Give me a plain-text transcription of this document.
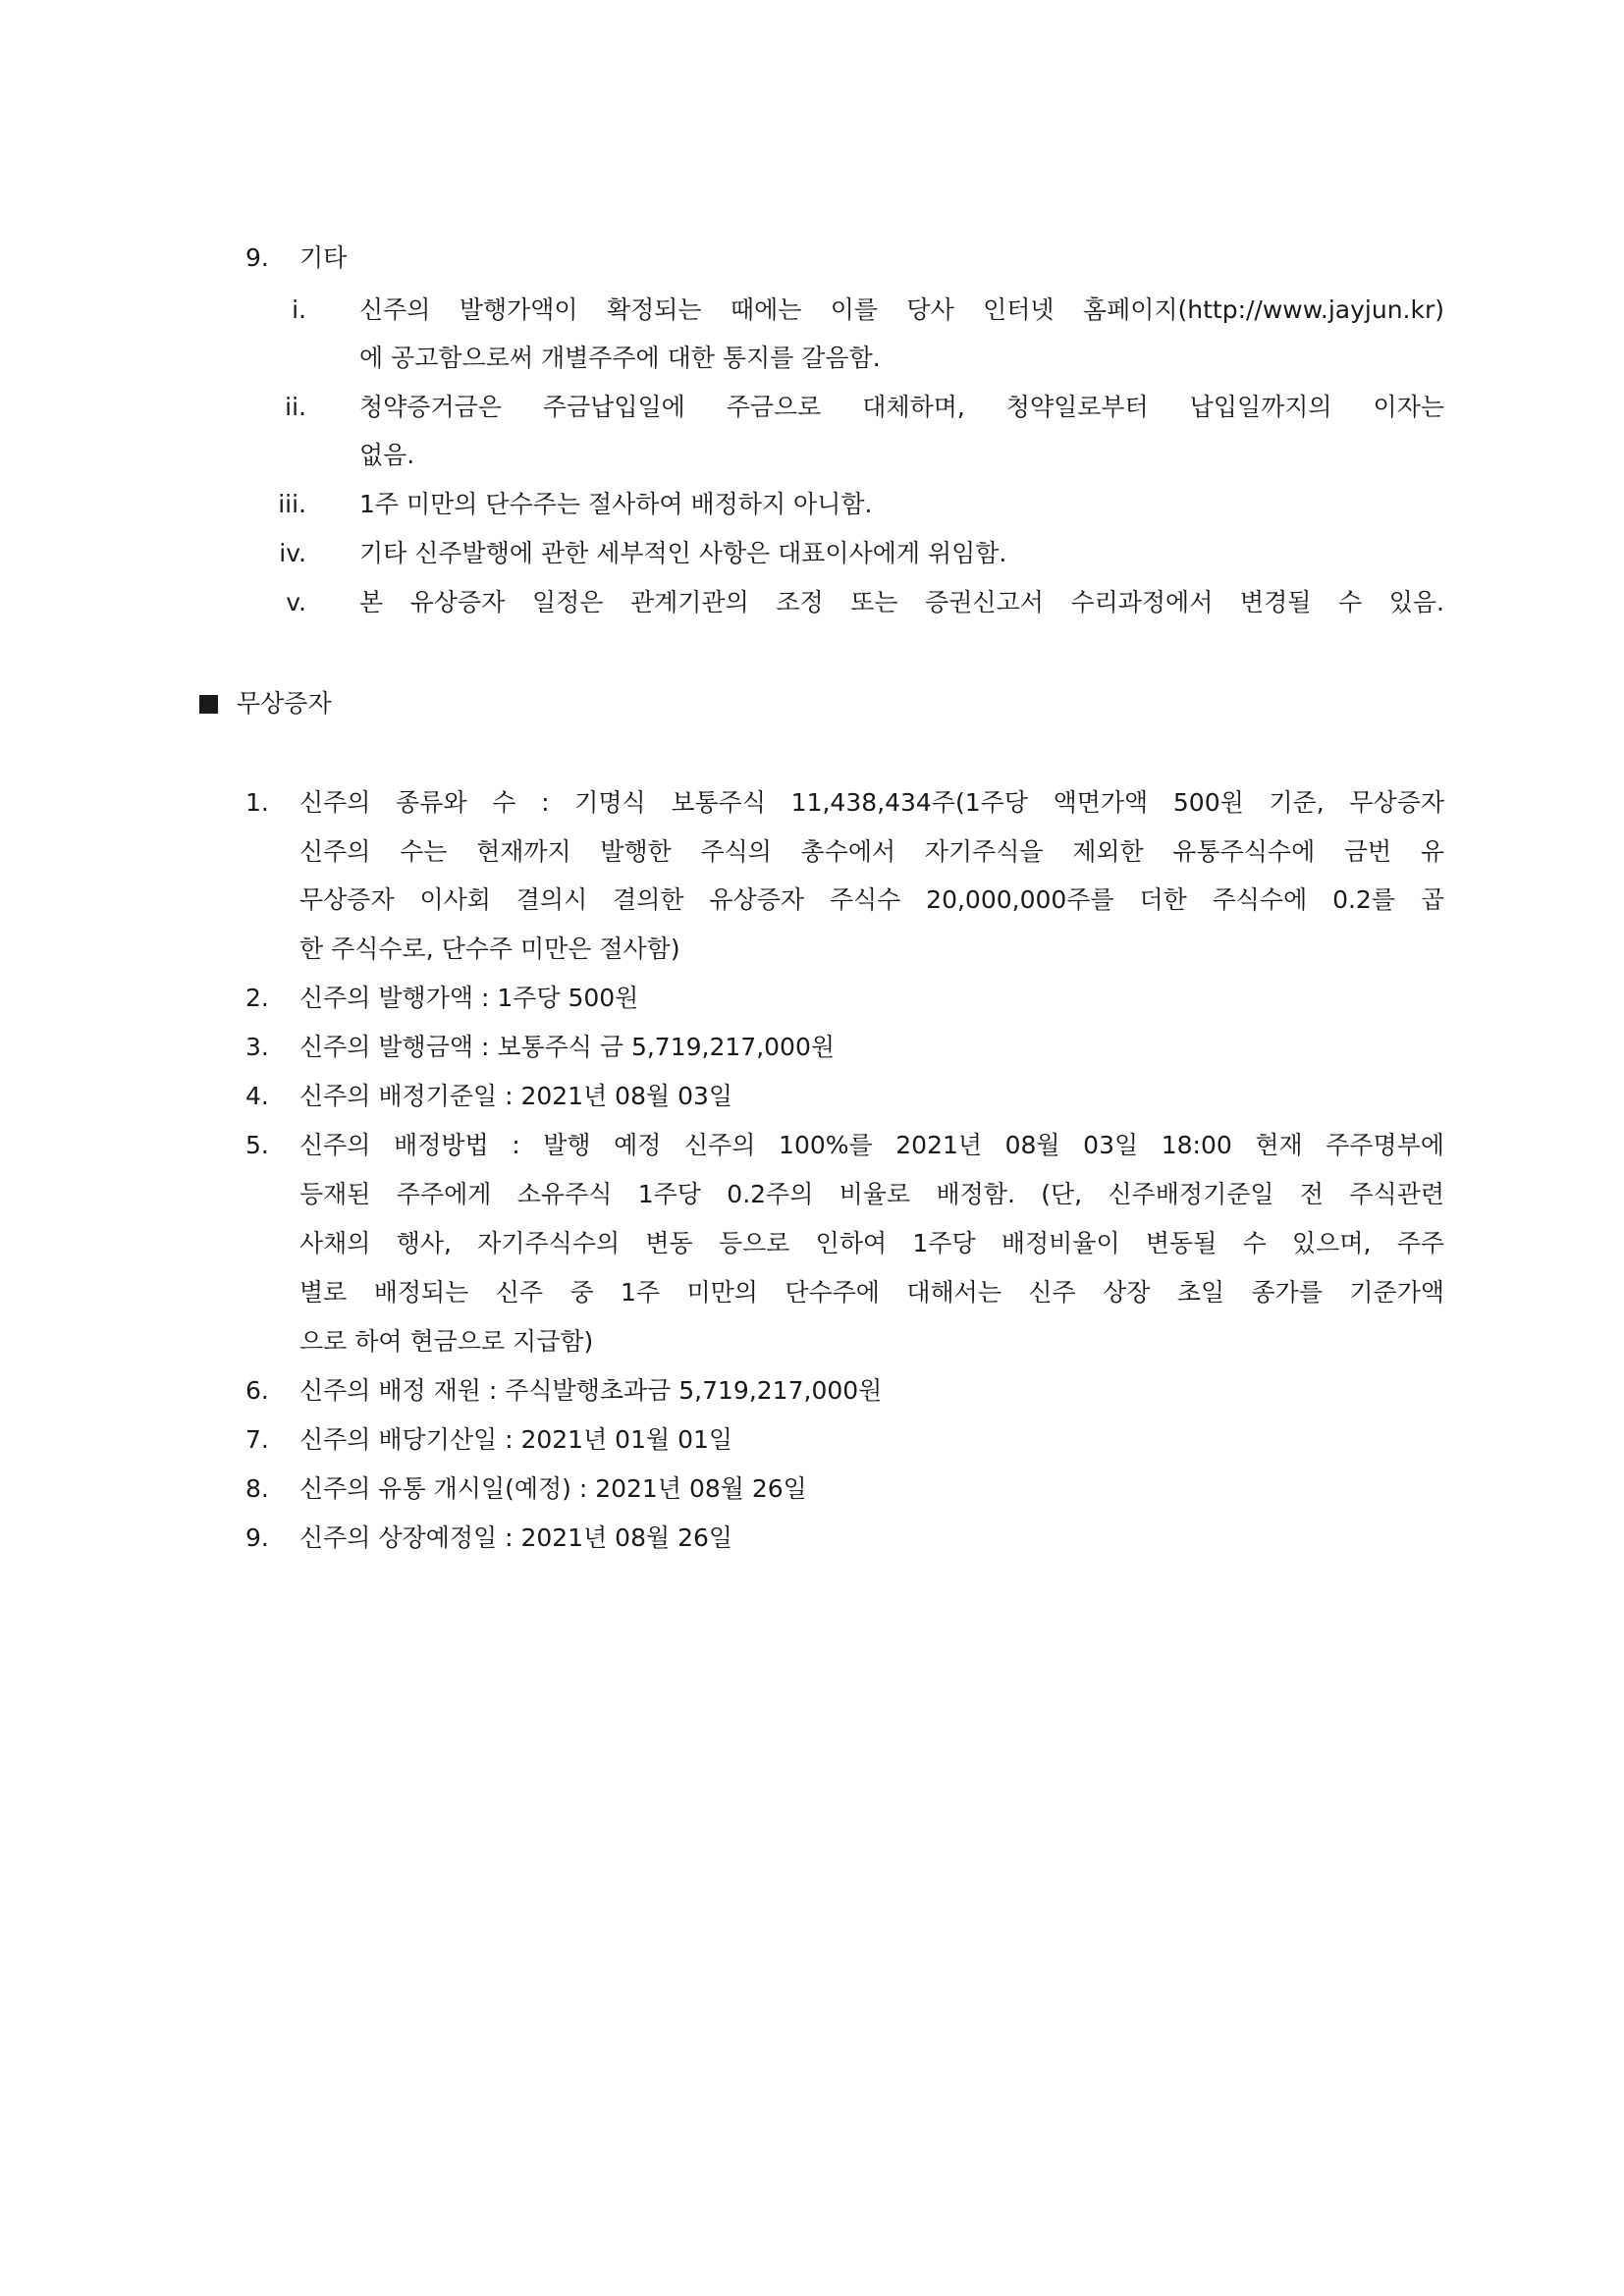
9. 기타
i. 신주의 발행가액이 확정되는 때에는 이를 당사 인터넷 홈페이지(http://www.jayjun.kr)
에 공고함으로써 개별주주에 대한 통지를 갈음함.
ii. 청약증거금은 주금납입일에 주금으로 대체하며, 청약일로부터 납입일까지의 이자는
없음.
iii. 1주 미만의 단수주는 절사하여 배정하지 아니함.
iv. 기타 신주발행에 관한 세부적인 사항은 대표이사에게 위임함.
v. 본 유상증자 일정은 관계기관의 조정 또는 증권신고서 수리과정에서 변경될 수 있음.
무상증자
1. 신주의 종류와 수 : 기명식 보통주식 11,438,434주(1주당 액면가액 500원 기준, 무상증자
신주의 수는 현재까지 발행한 주식의 총수에서 자기주식을 제외한 유통주식수에 금번 유
무상증자 이사회 결의시 결의한 유상증자 주식수 20,000,000주를 더한 주식수에 0.2를 곱
한 주식수로, 단수주 미만은 절사함)
2. 신주의 발행가액 : 1주당 500원
3. 신주의 발행금액 : 보통주식 금 5,719,217,000원
4. 신주의 배정기준일 : 2021년 08월 03일
5. 신주의 배정방법 : 발행 예정 신주의 100%를 2021년 08월 03일 18:00 현재 주주명부에
등재된 주주에게 소유주식 1주당 0.2주의 비율로 배정함. (단, 신주배정기준일 전 주식관련
사채의 행사, 자기주식수의 변동 등으로 인하여 1주당 배정비율이 변동될 수 있으며, 주주
별로 배정되는 신주 중 1주 미만의 단수주에 대해서는 신주 상장 초일 종가를 기준가액
으로 하여 현금으로 지급함)
6. 신주의 배정 재원 : 주식발행초과금 5,719,217,000원
7. 신주의 배당기산일 : 2021년 01월 01일
8. 신주의 유통 개시일(예정) : 2021년 08월 26일
9. 신주의 상장예정일 : 2021년 08월 26일
